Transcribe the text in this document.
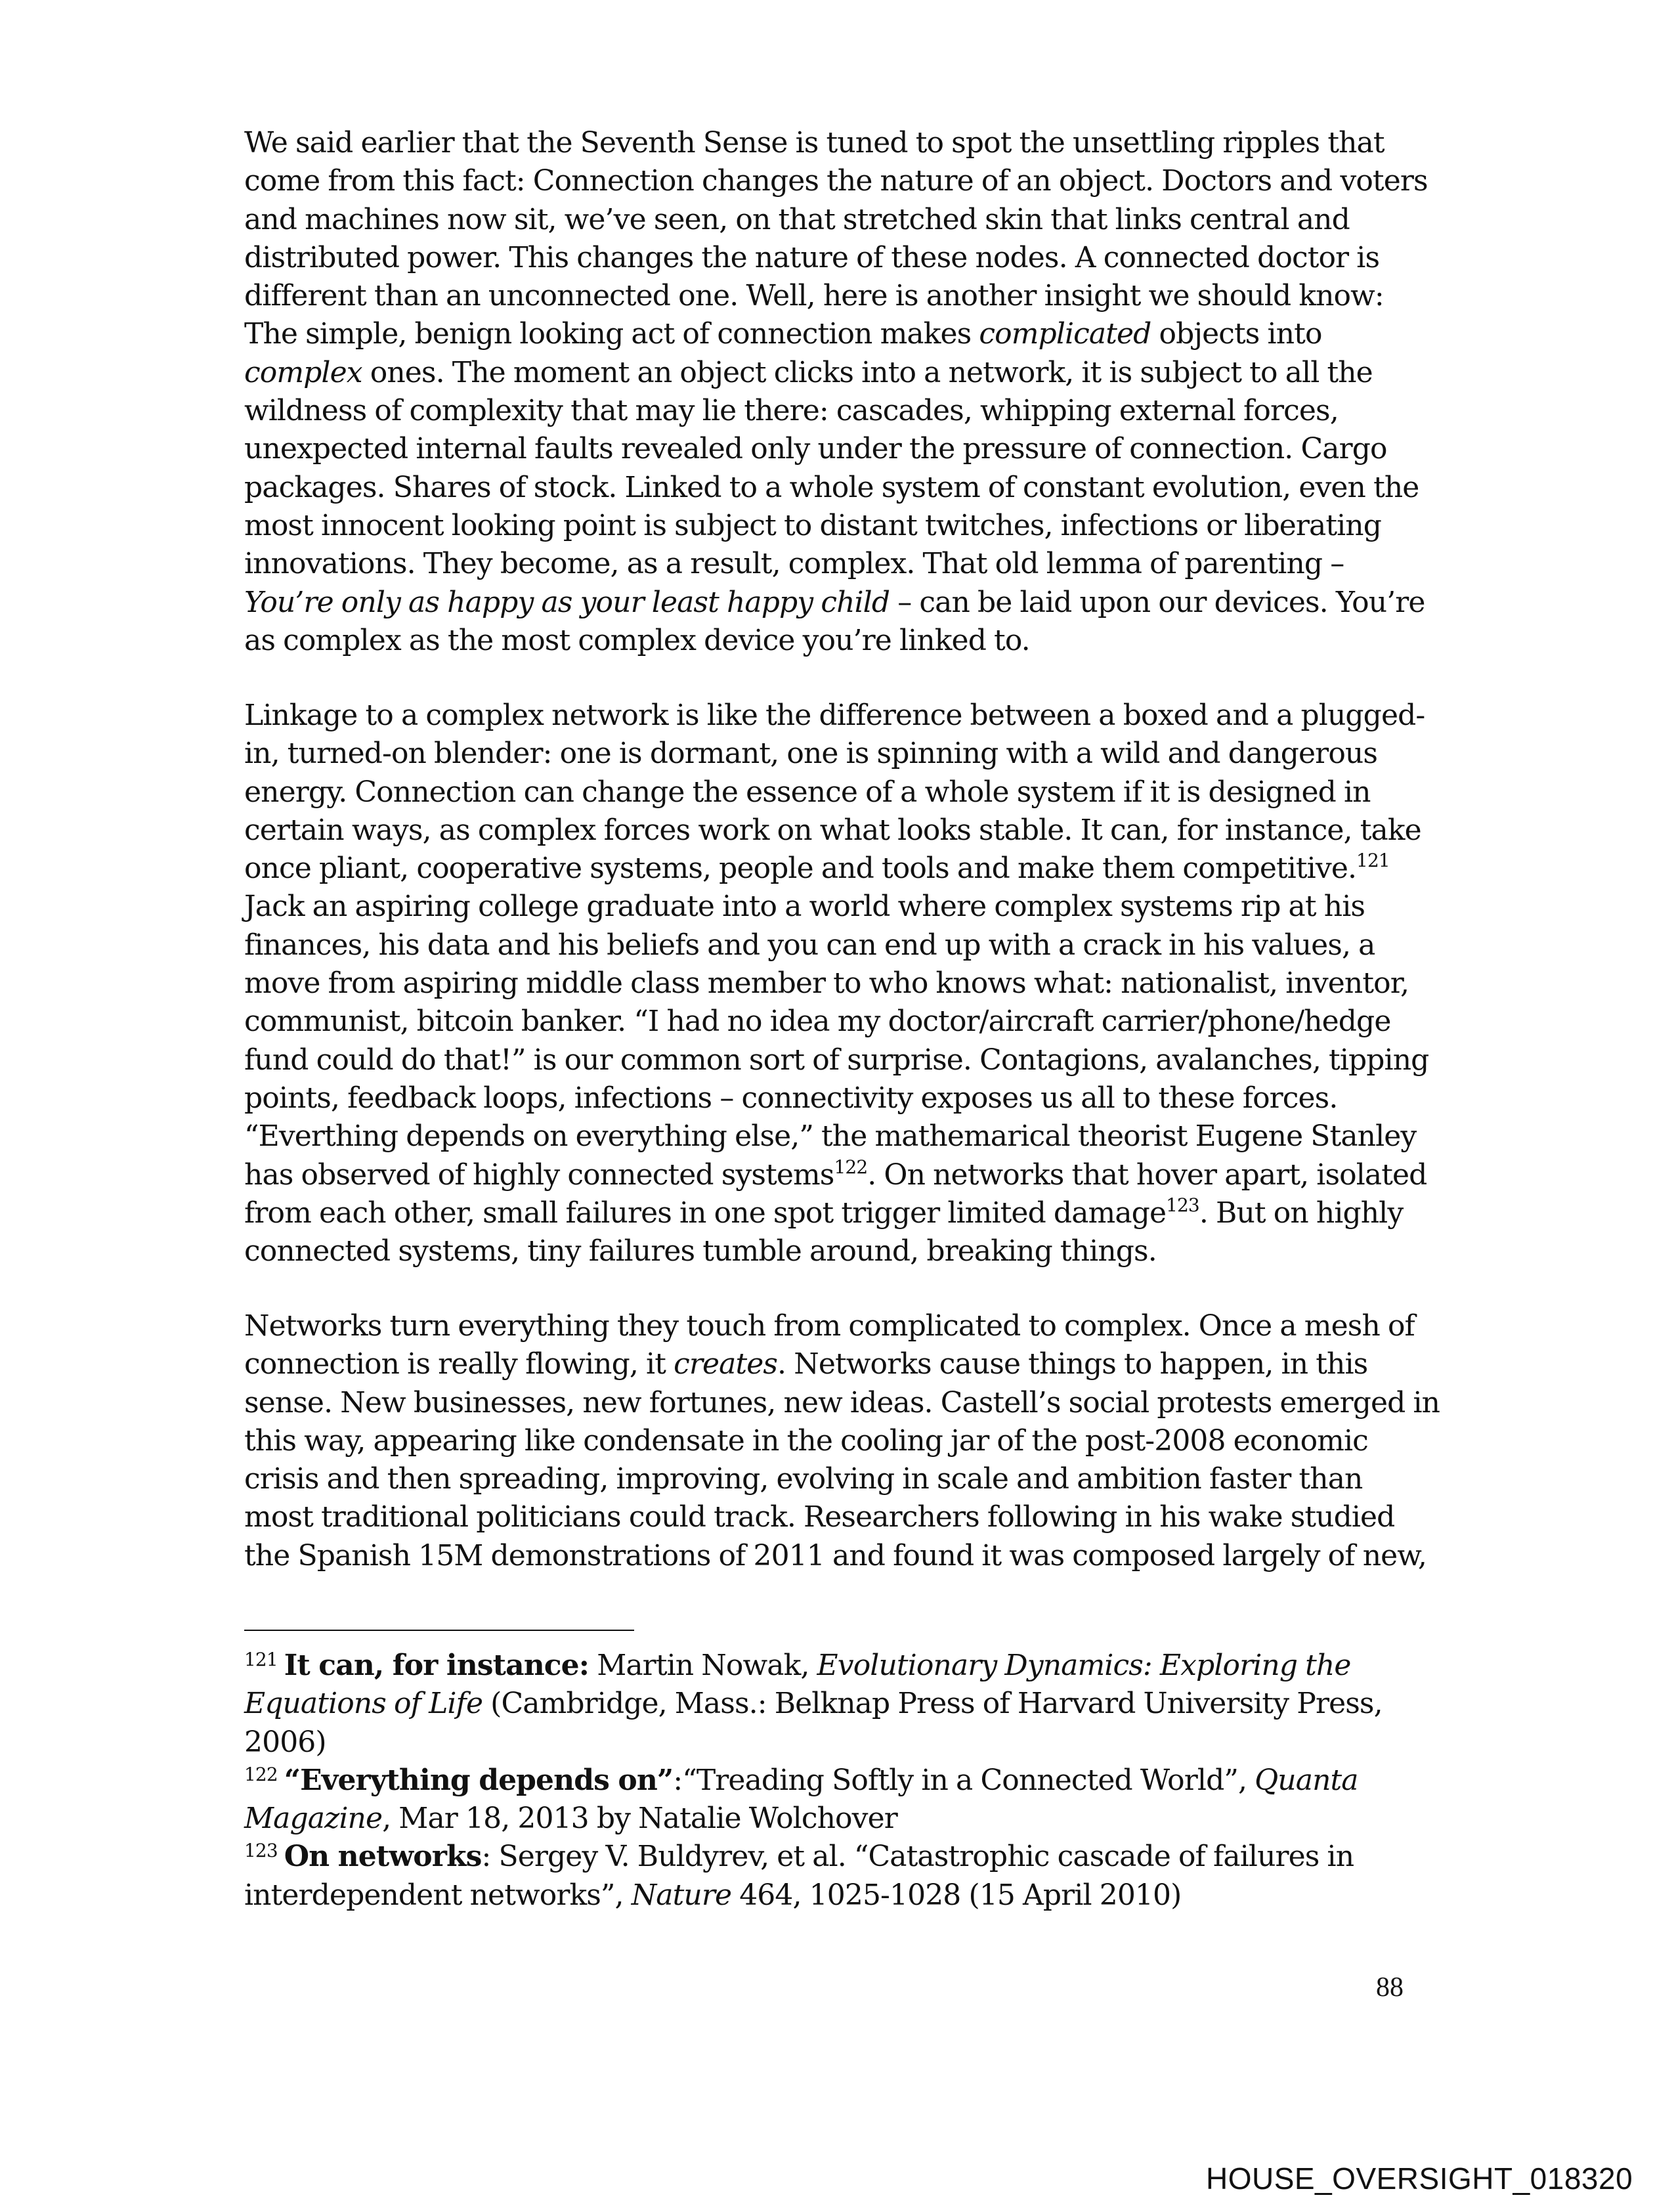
We said earlier that the Seventh Sense is tuned to spot the unsettling ripples that
come from this fact: Connection changes the nature of an object. Doctors and voters
and machines now sit, we’ve seen, on that stretched skin that links central and
distributed power. This changes the nature of these nodes. A connected doctor is
different than an unconnected one. Well, here is another insight we should know:
The simple, benign looking act of connection makes complicated objects into
complex ones. The moment an object clicks into a network, it is subject to all the
wildness of complexity that may lie there: cascades, whipping external forces,
unexpected internal faults revealed only under the pressure of connection. Cargo
packages. Shares of stock. Linked to a whole system of constant evolution, even the
most innocent looking point is subject to distant twitches, infections or liberating
innovations. They become, as a result, complex. That old lemma of parenting –
You’re only as happy as your least happy child – can be laid upon our devices. You’re
as complex as the most complex device you’re linked to.
Linkage to a complex network is like the difference between a boxed and a plugged-
in, turned-on blender: one is dormant, one is spinning with a wild and dangerous
energy. Connection can change the essence of a whole system if it is designed in
certain ways, as complex forces work on what looks stable. It can, for instance, take
once pliant, cooperative systems, people and tools and make them competitive.$^{121}$
Jack an aspiring college graduate into a world where complex systems rip at his
finances, his data and his beliefs and you can end up with a crack in his values, a
move from aspiring middle class member to who knows what: nationalist, inventor,
communist, bitcoin banker. “I had no idea my doctor/aircraft carrier/phone/hedge
fund could do that!” is our common sort of surprise. Contagions, avalanches, tipping
points, feedback loops, infections – connectivity exposes us all to these forces.
“Everthing depends on everything else,” the mathemarical theorist Eugene Stanley
has observed of highly connected systems$^{122}$. On networks that hover apart, isolated
from each other, small failures in one spot trigger limited damage$^{123}$. But on highly
connected systems, tiny failures tumble around, breaking things.
Networks turn everything they touch from complicated to complex. Once a mesh of
connection is really flowing, it creates. Networks cause things to happen, in this
sense. New businesses, new fortunes, new ideas. Castell’s social protests emerged in
this way, appearing like condensate in the cooling jar of the post-2008 economic
crisis and then spreading, improving, evolving in scale and ambition faster than
most traditional politicians could track. Researchers following in his wake studied
the Spanish 15M demonstrations of 2011 and found it was composed largely of new,
$^{121}$ It can, for instance: Martin Nowak, Evolutionary Dynamics: Exploring the
Equations of Life (Cambridge, Mass.: Belknap Press of Harvard University Press,
2006)
$^{122}$ “Everything depends on”:“Treading Softly in a Connected World”, Quanta
Magazine, Mar 18, 2013 by Natalie Wolchover
$^{123}$ On networks: Sergey V. Buldyrev, et al. “Catastrophic cascade of failures in
interdependent networks”, Nature 464, 1025-1028 (15 April 2010)
88
HOUSE_OVERSIGHT_018320
